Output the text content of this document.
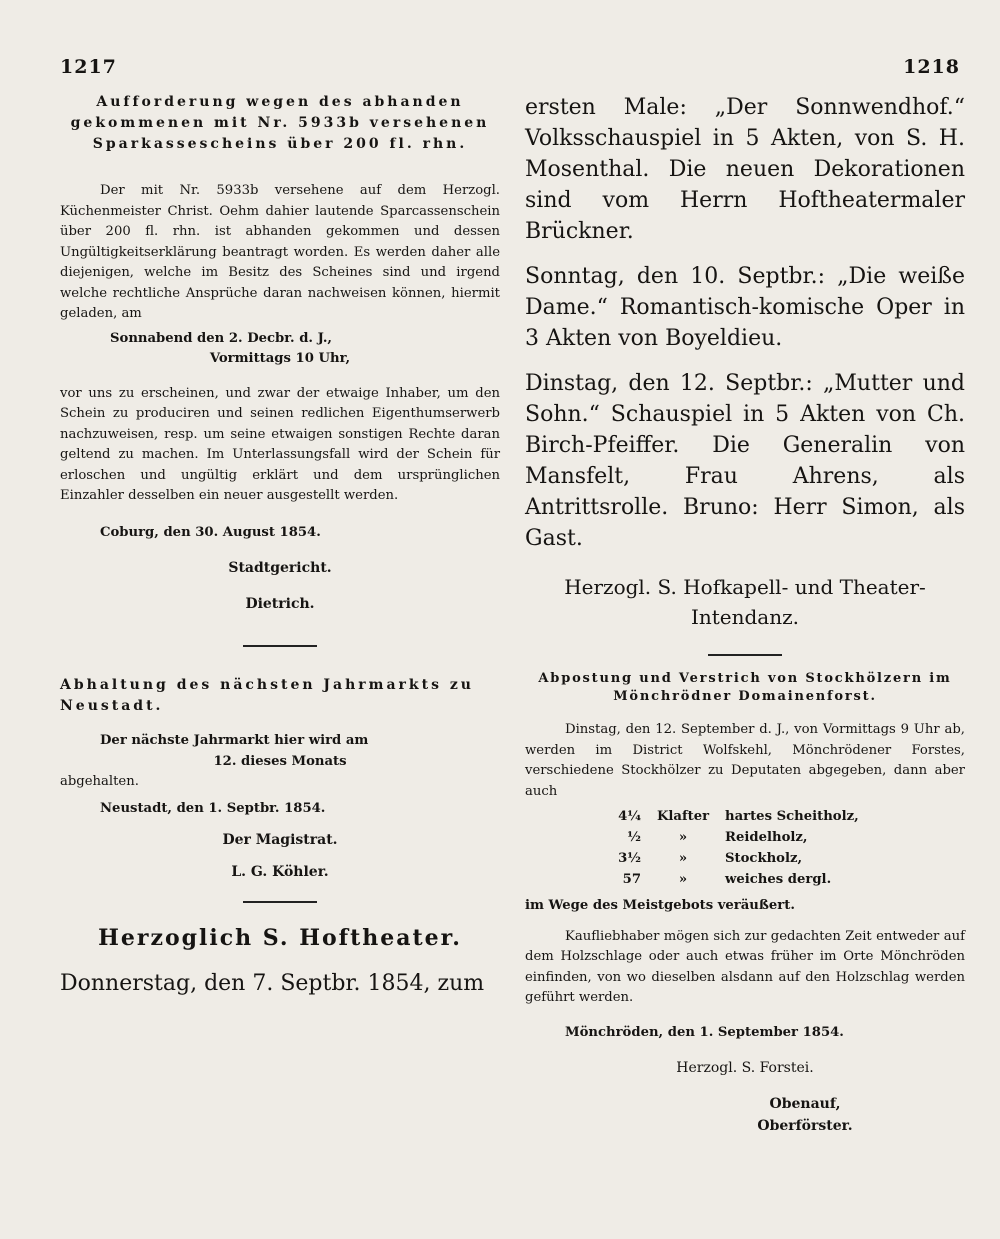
1217	1218

Aufforderung wegen des abhanden gekommenen mit Nr. 5933b versehenen Sparkassescheins über 200 fl. rhn.

Der mit Nr. 5933b versehene auf dem Herzogl. Küchenmeister Christ. Oehm dahier lautende Sparcassenschein über 200 fl. rhn. ist abhanden gekommen und dessen Ungültigkeitserklärung beantragt worden. Es werden daher alle diejenigen, welche im Besitz des Scheines sind und irgend welche rechtliche Ansprüche daran nachweisen können, hiermit geladen, am

Sonnabend den 2. Decbr. d. J.,

Vormittags 10 Uhr,

vor uns zu erscheinen, und zwar der etwaige Inhaber, um den Schein zu produciren und seinen redlichen Eigenthumserwerb nachzuweisen, resp. um seine etwaigen sonstigen Rechte daran geltend zu machen. Im Unterlassungsfall wird der Schein für erloschen und ungültig erklärt und dem ursprünglichen Einzahler desselben ein neuer ausgestellt werden.

Coburg, den 30. August 1854.

Stadtgericht.

Dietrich.

Abhaltung des nächsten Jahrmarkts zu Neustadt.

Der nächste Jahrmarkt hier wird am

12. dieses Monats

abgehalten.

Neustadt, den 1. Septbr. 1854.

Der Magistrat.

L. G. Köhler.

Herzoglich S. Hoftheater.

Donnerstag, den 7. Septbr. 1854, zum

ersten Male: „Der Sonnwendhof.“ Volksschauspiel in 5 Akten, von S. H. Mosenthal. Die neuen Dekorationen sind vom Herrn Hoftheatermaler Brückner.

Sonntag, den 10. Septbr.: „Die weiße Dame.“ Romantisch-komische Oper in 3 Akten von Boyeldieu.

Dinstag, den 12. Septbr.: „Mutter und Sohn.“ Schauspiel in 5 Akten von Ch. Birch-Pfeiffer. Die Generalin von Mansfelt, Frau Ahrens, als Antrittsrolle. Bruno: Herr Simon, als Gast.

Herzogl. S. Hofkapell- und Theater-Intendanz.

Abpostung und Verstrich von Stockhölzern im Mönchrödner Domainenforst.

Dinstag, den 12. September d. J., von Vormittags 9 Uhr ab, werden im District Wolfskehl, Mönchrödener Forstes, verschiedene Stockhölzer zu Deputaten abgegeben, dann aber auch

4¼	Klafter	hartes Scheitholz,
½	»	Reidelholz,
3½	»	Stockholz,
57	»	weiches dergl.

im Wege des Meistgebots veräußert.

Kaufliebhaber mögen sich zur gedachten Zeit entweder auf dem Holzschlage oder auch etwas früher im Orte Mönchröden einfinden, von wo dieselben alsdann auf den Holzschlag werden geführt werden.

Mönchröden, den 1. September 1854.

Herzogl. S. Forstei.

Obenauf,

Oberförster.
